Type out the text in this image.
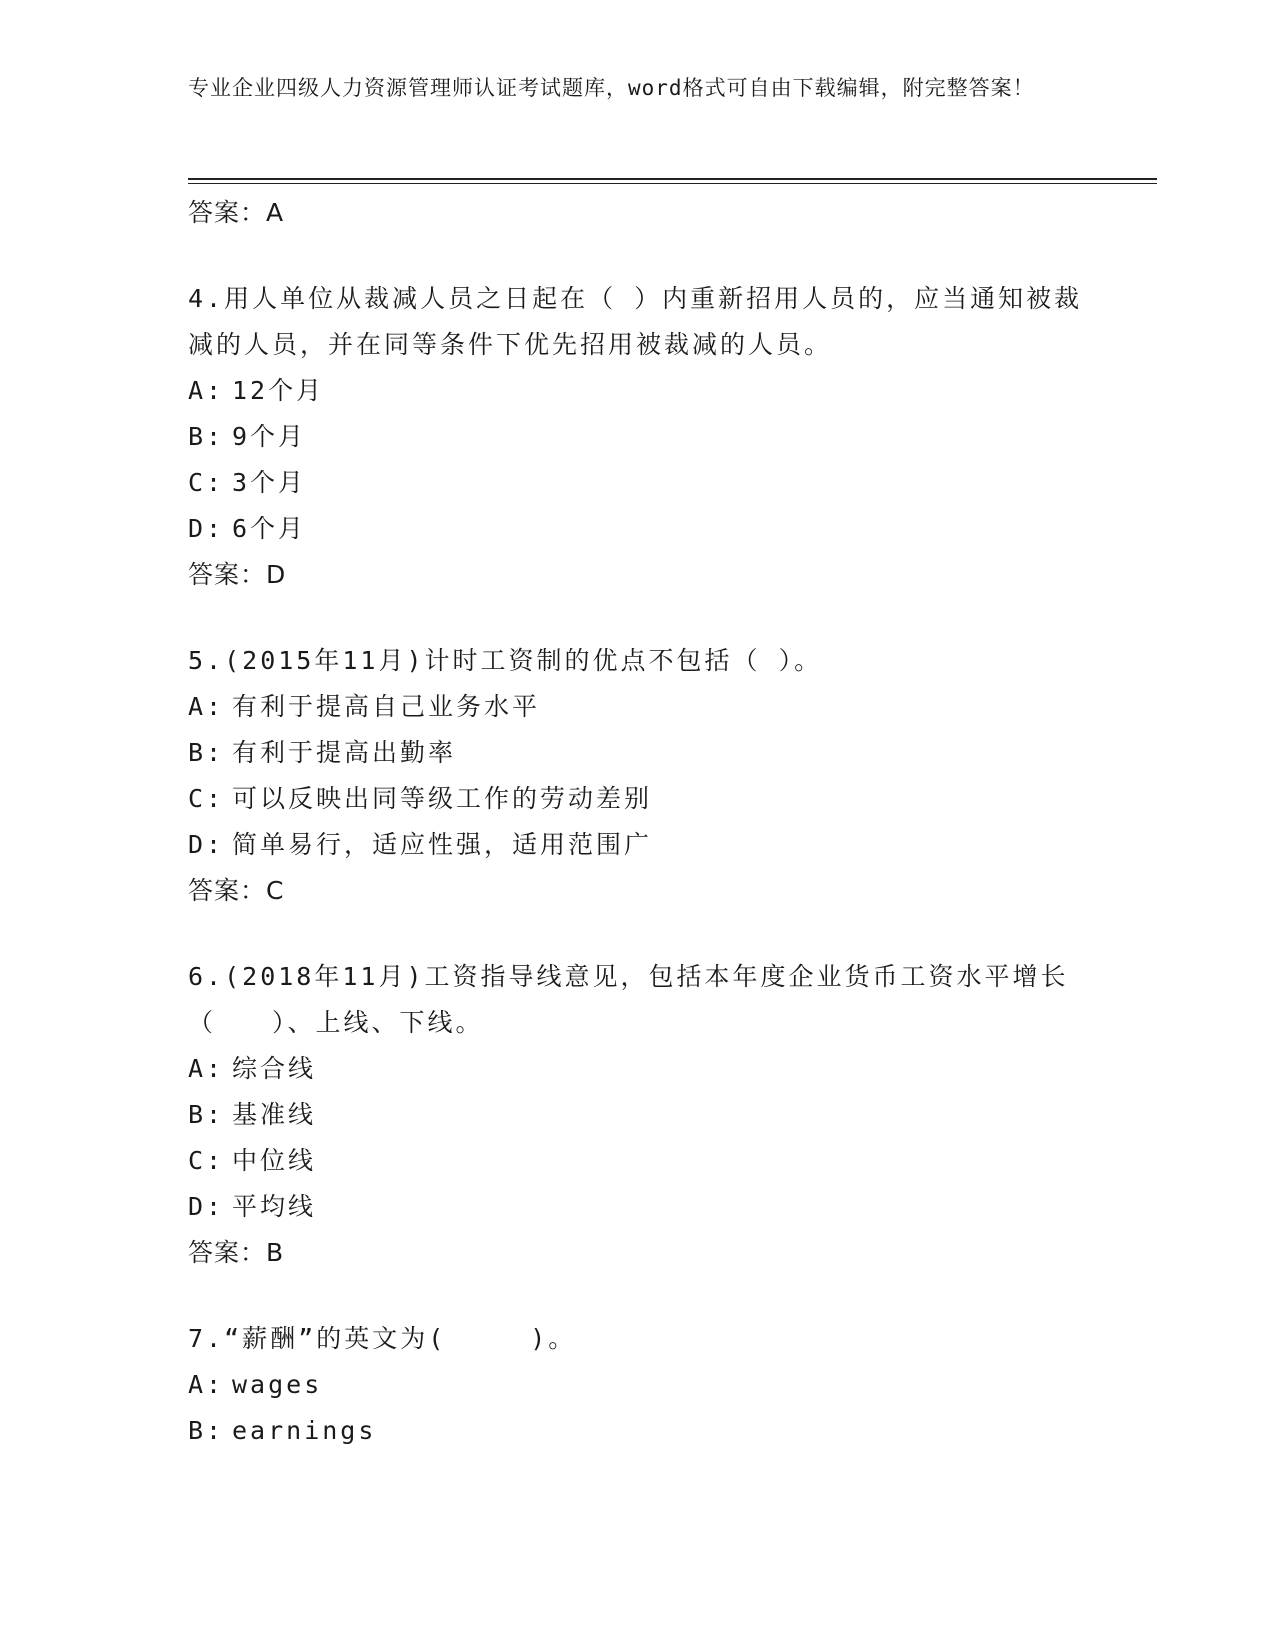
专业企业四级人力资源管理师认证考试题库，word格式可自由下载编辑，附完整答案！
答案：A
4.用人单位从裁减人员之日起在（ ）内重新招用人员的，应当通知被裁减的人员，并在同等条件下优先招用被裁减的人员。
A: 12个月
B: 9个月
C: 3个月
D: 6个月
答案：D
5.(2015年11月)计时工资制的优点不包括（ ）。
A: 有利于提高自己业务水平
B: 有利于提高出勤率
C: 可以反映出同等级工作的劳动差别
D: 简单易行，适应性强，适用范围广
答案：C
6.(2018年11月)工资指导线意见，包括本年度企业货币工资水平增长（　　）、上线、下线。
A: 综合线
B: 基准线
C: 中位线
D: 平均线
答案：B
7.“薪酬”的英文为(　　　)。
A: wages
B: earnings
